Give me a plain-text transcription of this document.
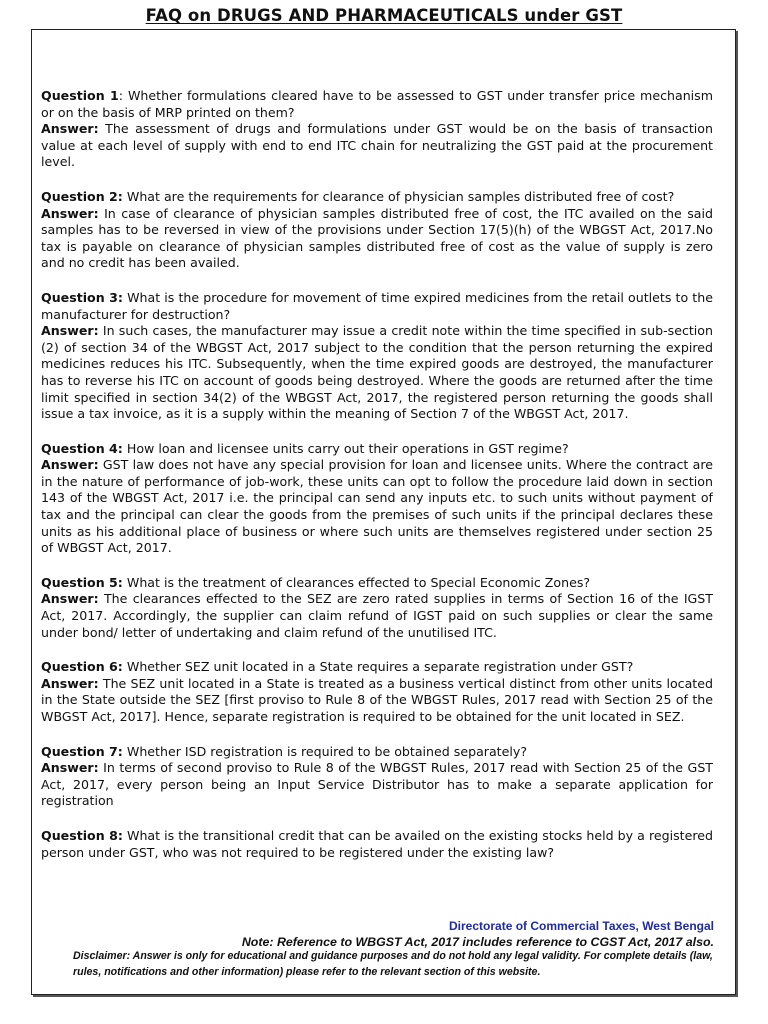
FAQ on DRUGS AND PHARMACEUTICALS under GST

Question 1: Whether formulations cleared have to be assessed to GST under transfer price mechanism or on the basis of MRP printed on them?

Answer: The assessment of drugs and formulations under GST would be on the basis of transaction value at each level of supply with end to end ITC chain for neutralizing the GST paid at the procurement level.

Question 2: What are the requirements for clearance of physician samples distributed free of cost?

Answer: In case of clearance of physician samples distributed free of cost, the ITC availed on the said samples has to be reversed in view of the provisions under Section 17(5)(h) of the WBGST Act, 2017.No tax is payable on clearance of physician samples distributed free of cost as the value of supply is zero and no credit has been availed.

Question 3: What is the procedure for movement of time expired medicines from the retail outlets to the manufacturer for destruction?

Answer: In such cases, the manufacturer may issue a credit note within the time specified in sub-section (2) of section 34 of the WBGST Act, 2017 subject to the condition that the person returning the expired medicines reduces his ITC. Subsequently, when the time expired goods are destroyed, the manufacturer has to reverse his ITC on account of goods being destroyed. Where the goods are returned after the time limit specified in section 34(2) of the WBGST Act, 2017, the registered person returning the goods shall issue a tax invoice, as it is a supply within the meaning of Section 7 of the WBGST Act, 2017.

Question 4: How loan and licensee units carry out their operations in GST regime?

Answer: GST law does not have any special provision for loan and licensee units. Where the contract are in the nature of performance of job-work, these units can opt to follow the procedure laid down in section 143 of the WBGST Act, 2017 i.e. the principal can send any inputs etc. to such units without payment of tax and the principal can clear the goods from the premises of such units if the principal declares these units as his additional place of business or where such units are themselves registered under section 25 of WBGST Act, 2017.

Question 5: What is the treatment of clearances effected to Special Economic Zones?

Answer: The clearances effected to the SEZ are zero rated supplies in terms of Section 16 of the IGST Act, 2017. Accordingly, the supplier can claim refund of IGST paid on such supplies or clear the same under bond/ letter of undertaking and claim refund of the unutilised ITC.

Question 6: Whether SEZ unit located in a State requires a separate registration under GST?

Answer: The SEZ unit located in a State is treated as a business vertical distinct from other units located in the State outside the SEZ [first proviso to Rule 8 of the WBGST Rules, 2017 read with Section 25 of the WBGST Act, 2017]. Hence, separate registration is required to be obtained for the unit located in SEZ.

Question 7: Whether ISD registration is required to be obtained separately?

Answer: In terms of second proviso to Rule 8 of the WBGST Rules, 2017 read with Section 25 of the GST Act, 2017, every person being an Input Service Distributor has to make a separate application for registration

Question 8: What is the transitional credit that can be availed on the existing stocks held by a registered person under GST, who was not required to be registered under the existing law?

Directorate of Commercial Taxes, West Bengal
Note: Reference to WBGST Act, 2017 includes reference to CGST Act, 2017 also.
Disclaimer: Answer is only for educational and guidance purposes and do not hold any legal validity. For complete details (law, rules, notifications and other information) please refer to the relevant section of this website.
